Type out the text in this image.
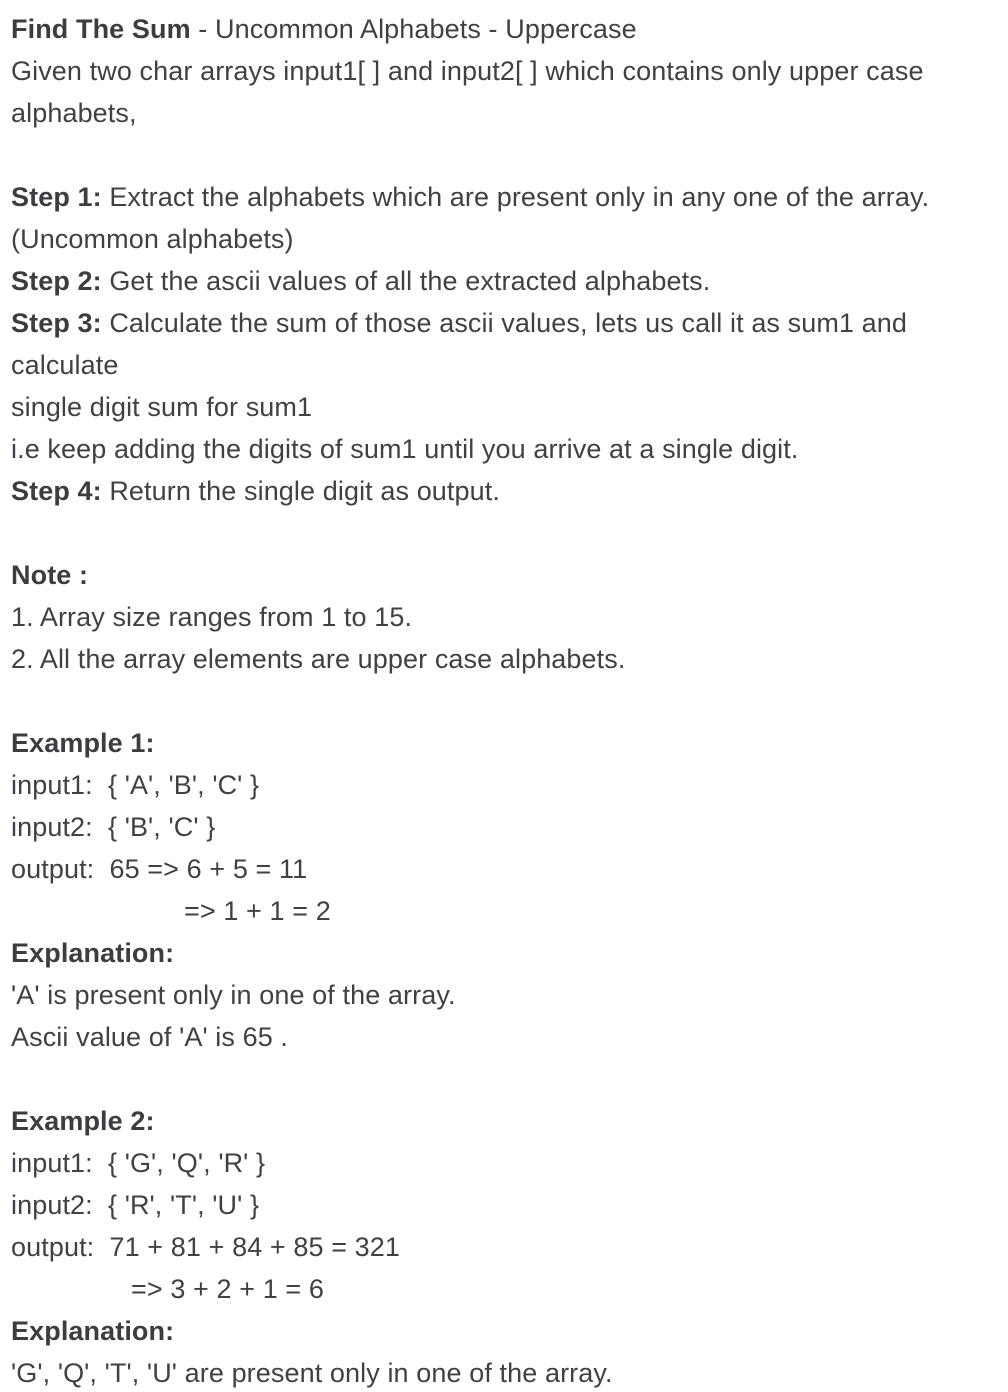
Find The Sum - Uncommon Alphabets - Uppercase
Given two char arrays input1[ ] and input2[ ] which contains only upper case
alphabets,
Step 1: Extract the alphabets which are present only in any one of the array.
(Uncommon alphabets)
Step 2: Get the ascii values of all the extracted alphabets.
Step 3: Calculate the sum of those ascii values, lets us call it as sum1 and
calculate
single digit sum for sum1
i.e keep adding the digits of sum1 until you arrive at a single digit.
Step 4: Return the single digit as output.
Note :
1. Array size ranges from 1 to 15.
2. All the array elements are upper case alphabets.
Example 1:
input1:  { 'A', 'B', 'C' }
input2:  { 'B', 'C' }
output:  65 => 6 + 5 = 11
=> 1 + 1 = 2
Explanation:
'A' is present only in one of the array.
Ascii value of 'A' is 65 .
Example 2:
input1:  { 'G', 'Q', 'R' }
input2:  { 'R', 'T', 'U' }
output:  71 + 81 + 84 + 85 = 321
=> 3 + 2 + 1 = 6
Explanation:
'G', 'Q', 'T', 'U' are present only in one of the array.
